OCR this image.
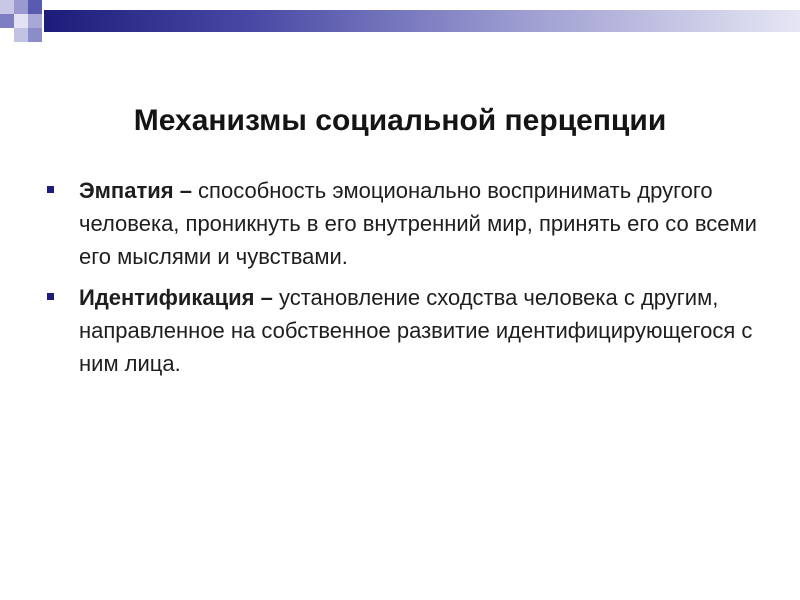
Механизмы социальной перцепции
Эмпатия – способность эмоционально воспринимать другого человека, проникнуть в его внутренний мир, принять его со всеми его мыслями и чувствами.
Идентификация – установление сходства человека с другим, направленное на собственное развитие идентифицирующегося с ним лица.
